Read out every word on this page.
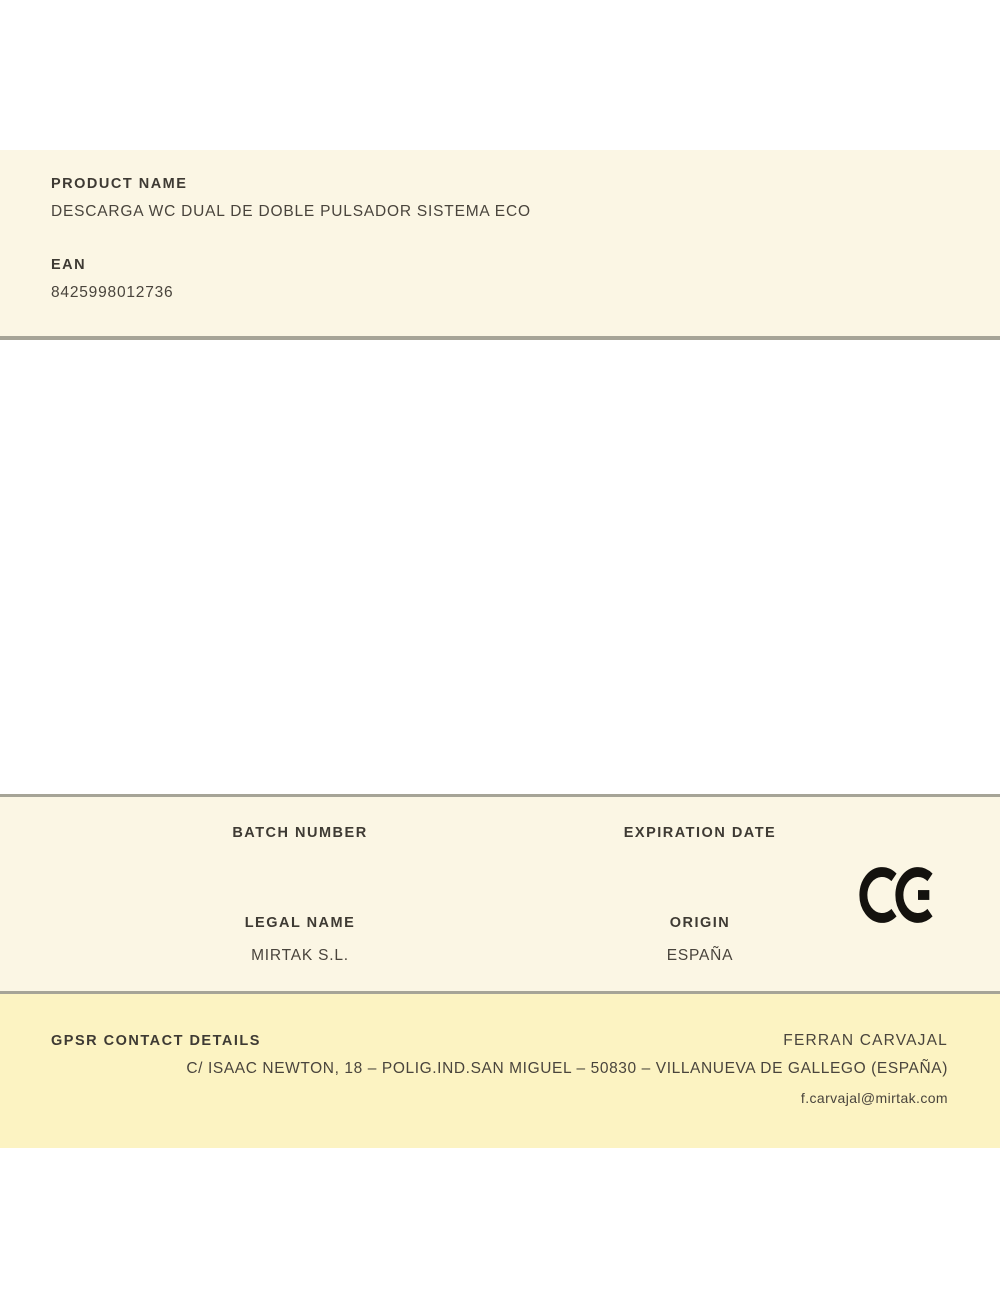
PRODUCT NAME
DESCARGA WC DUAL DE DOBLE PULSADOR SISTEMA ECO
EAN
8425998012736
BATCH NUMBER	EXPIRATION DATE
LEGAL NAME	ORIGIN
MIRTAK S.L.	ESPAÑA
GPSR CONTACT DETAILS	FERRAN CARVAJAL
C/ ISAAC NEWTON, 18 – POLIG.IND.SAN MIGUEL – 50830 – VILLANUEVA DE GALLEGO (ESPAÑA)
f.carvajal@mirtak.com
